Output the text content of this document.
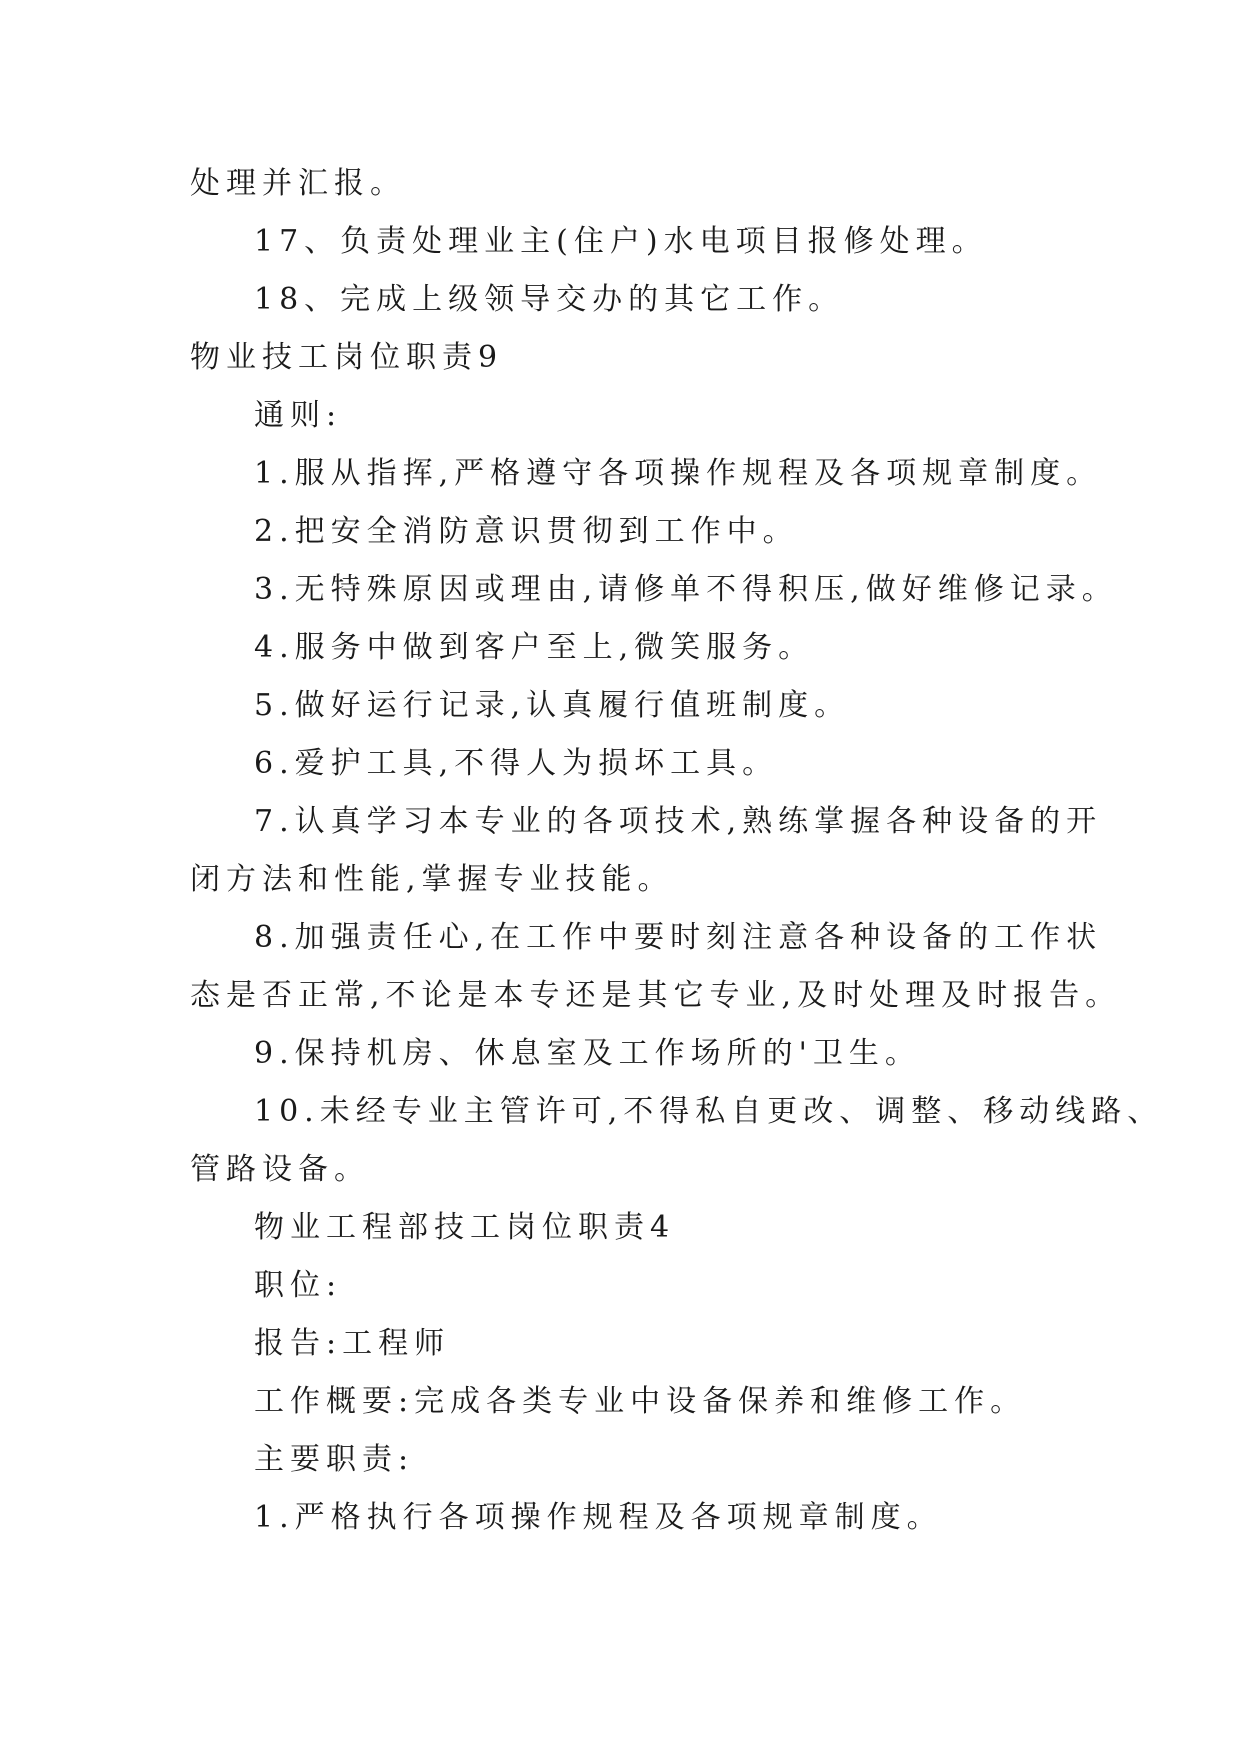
处理并汇报。
17、负责处理业主(住户)水电项目报修处理。
18、完成上级领导交办的其它工作。
物业技工岗位职责9
通则:
1.服从指挥,严格遵守各项操作规程及各项规章制度。
2.把安全消防意识贯彻到工作中。
3.无特殊原因或理由,请修单不得积压,做好维修记录。
4.服务中做到客户至上,微笑服务。
5.做好运行记录,认真履行值班制度。
6.爱护工具,不得人为损坏工具。
7.认真学习本专业的各项技术,熟练掌握各种设备的开
闭方法和性能,掌握专业技能。
8.加强责任心,在工作中要时刻注意各种设备的工作状
态是否正常,不论是本专还是其它专业,及时处理及时报告。
9.保持机房、休息室及工作场所的'卫生。
10.未经专业主管许可,不得私自更改、调整、移动线路、
管路设备。
物业工程部技工岗位职责4
职位:
报告:工程师
工作概要:完成各类专业中设备保养和维修工作。
主要职责:
1.严格执行各项操作规程及各项规章制度。
